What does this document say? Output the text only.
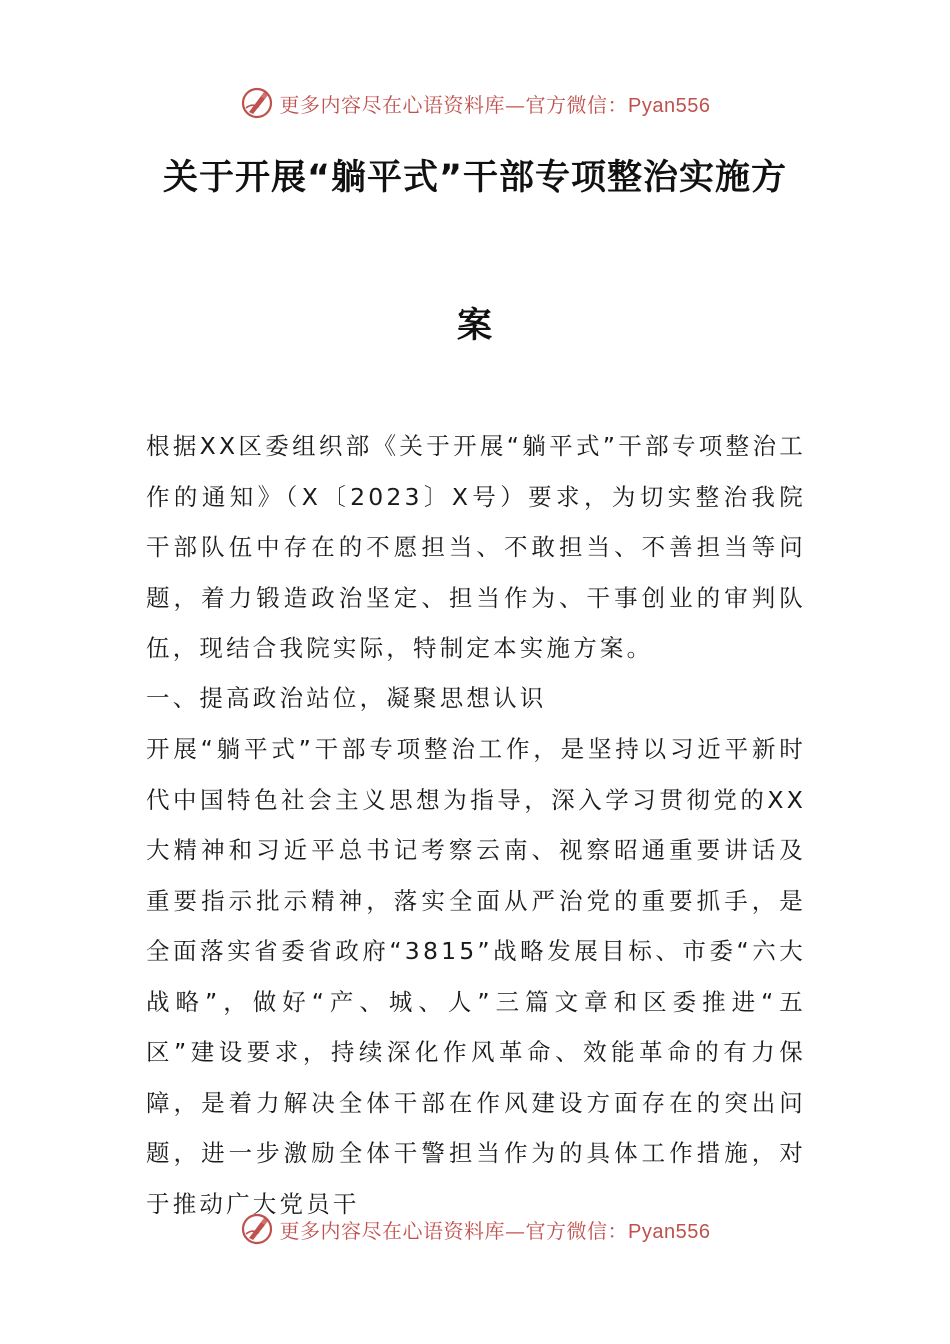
更多内容尽在心语资料库—官方微信：Pyan556
关于开展“躺平式”干部专项整治实施方
案
根据XX区委组织部《关于开展“躺平式”干部专项整治工作的通知》（X〔2023〕X号）要求，为切实整治我院干部队伍中存在的不愿担当、不敢担当、不善担当等问题，着力锻造政治坚定、担当作为、干事创业的审判队伍，现结合我院实际，特制定本实施方案。
一、提高政治站位，凝聚思想认识
开展“躺平式”干部专项整治工作，是坚持以习近平新时代中国特色社会主义思想为指导，深入学习贯彻党的XX大精神和习近平总书记考察云南、视察昭通重要讲话及重要指示批示精神，落实全面从严治党的重要抓手，是全面落实省委省政府“3815”战略发展目标、市委“六大战略”，做好“产、城、人”三篇文章和区委推进“五区”建设要求，持续深化作风革命、效能革命的有力保障，是着力解决全体干部在作风建设方面存在的突出问题，进一步激励全体干警担当作为的具体工作措施，对于推动广大党员干
更多内容尽在心语资料库—官方微信：Pyan556
